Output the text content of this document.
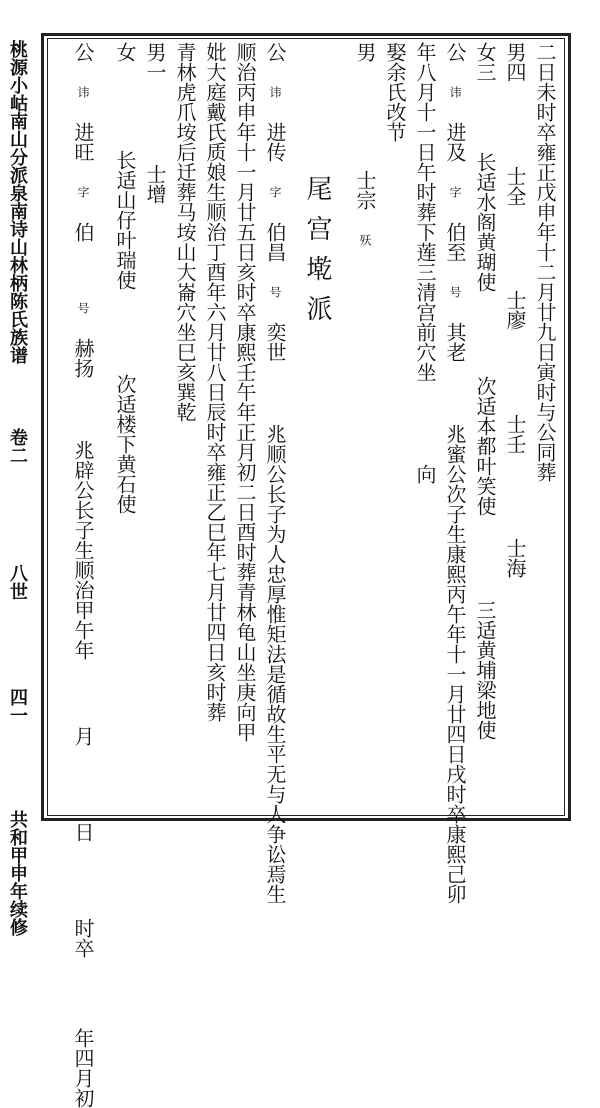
桃源小岵南山分派泉南诗山林柄陈氏族谱  卷二  八世  四一  共和甲申年续修
尾宫墘派	二日未时卒雍正戊申年十二月廿九日寅时与公同葬
男四  士全  士廖  士壬  士海
女三  长适水阁黄瑚使  次适本都叶笑使  三适黄埔梁地使
公 讳 进及 字 伯至 号 其老  兆蜜公次子生康熙丙午年十一月廿四日戌时卒康熙己卯
年八月十一日午时葬下莲三清宫前穴坐  向
娶余氏改节
男  士宗 殀
公 讳 进传 字 伯昌 号 奕世  兆顺公长子为人忠厚惟矩法是循故生平无与人争讼焉生
顺治丙申年十一月廿五日亥时卒康熙壬午年正月初二日酉时葬青林龟山坐庚向甲
妣大庭戴氏质娘生顺治丁酉年六月廿八日辰时卒雍正乙巳年七月廿四日亥时葬
青林虎爪垵后迁葬马垵山大崙穴坐巳亥巽乾
男一  士增
女  长适山仔叶瑞使  次适楼下黄石使
公 讳 进旺 字 伯  号 赫扬  兆辟公长子生顺治甲午年  月  日  时卒  年四月初
